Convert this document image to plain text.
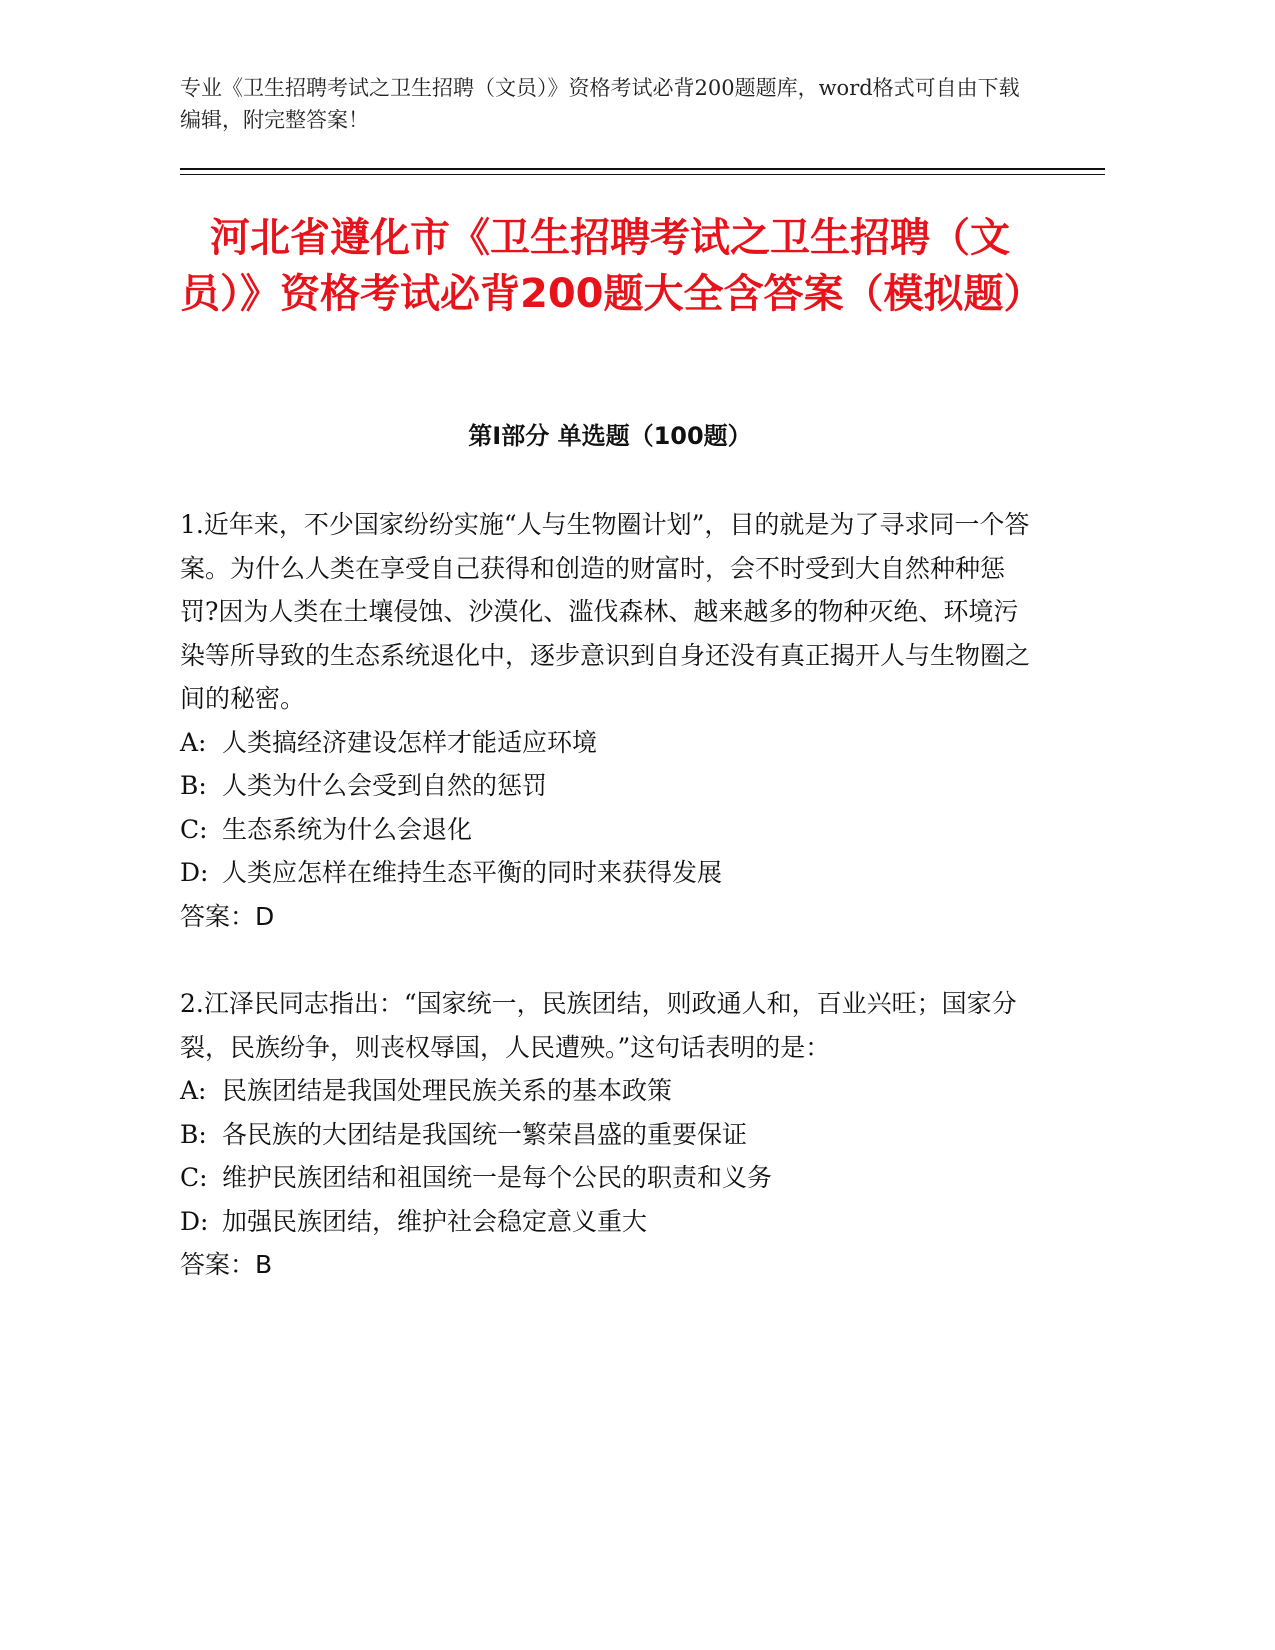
专业《卫生招聘考试之卫生招聘（文员）》资格考试必背200题题库，word格式可自由下载编辑，附完整答案！
河北省遵化市《卫生招聘考试之卫生招聘（文员）》资格考试必背200题大全含答案（模拟题）
第I部分 单选题（100题）

1.近年来，不少国家纷纷实施“人与生物圈计划”，目的就是为了寻求同一个答案。为什么人类在享受自己获得和创造的财富时，会不时受到大自然种种惩罚?因为人类在土壤侵蚀、沙漠化、滥伐森林、越来越多的物种灭绝、环境污染等所导致的生态系统退化中，逐步意识到自身还没有真正揭开人与生物圈之间的秘密。

A: 人类搞经济建设怎样才能适应环境

B: 人类为什么会受到自然的惩罚

C: 生态系统为什么会退化

D: 人类应怎样在维持生态平衡的同时来获得发展

答案：D

2.江泽民同志指出：“国家统一，民族团结，则政通人和，百业兴旺；国家分裂，民族纷争，则丧权辱国，人民遭殃。”这句话表明的是：

A: 民族团结是我国处理民族关系的基本政策

B: 各民族的大团结是我国统一繁荣昌盛的重要保证

C: 维护民族团结和祖国统一是每个公民的职责和义务

D: 加强民族团结，维护社会稳定意义重大

答案：B
